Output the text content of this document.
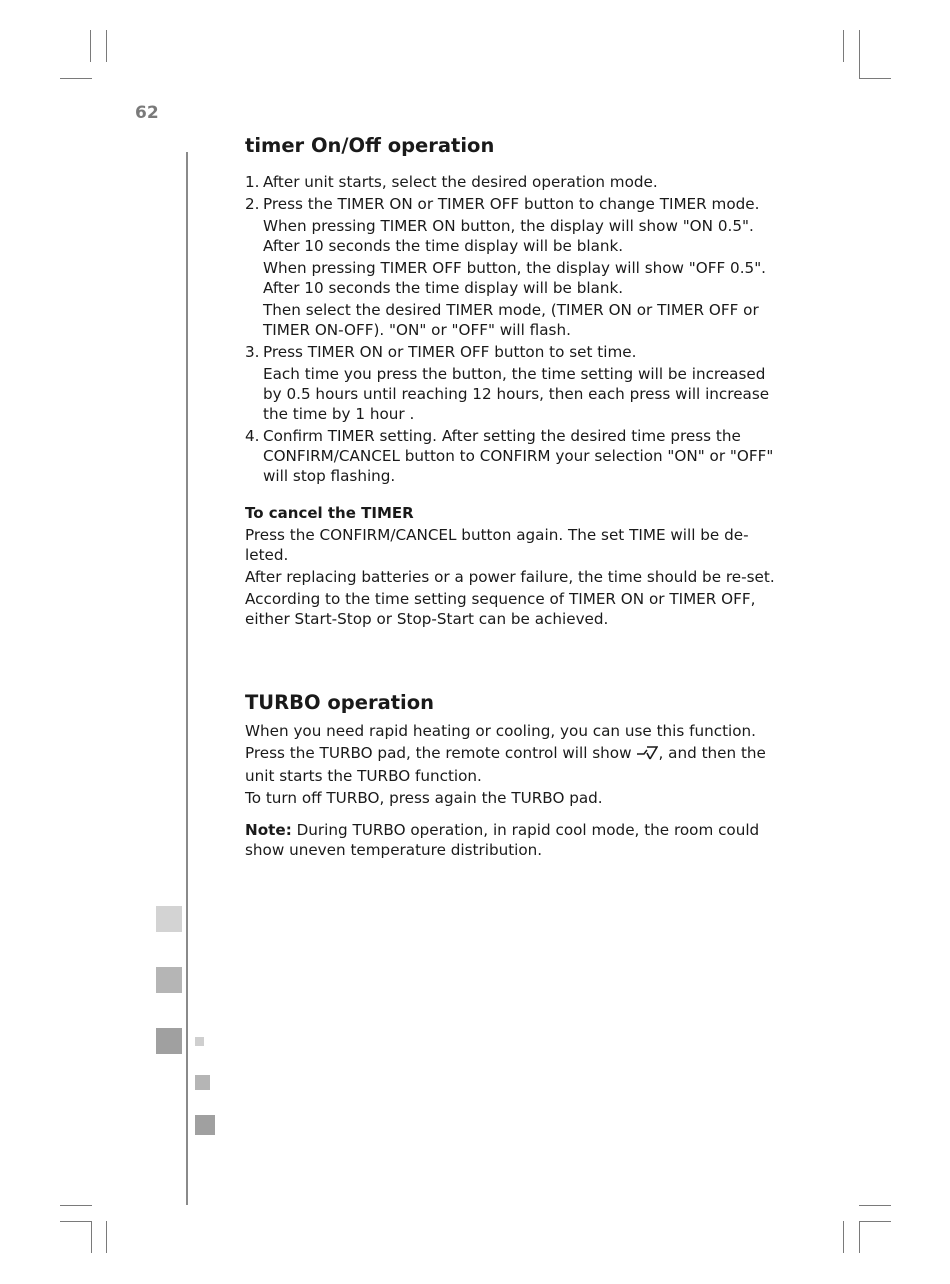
62
timer On/Off operation
1. After unit starts, select the desired operation mode.

2. Press the TIMER ON or TIMER OFF button to change TIMER mode.

When pressing TIMER ON button, the display will show "ON 0.5". After 10 seconds the time display will be blank.

When pressing TIMER OFF button, the display will show "OFF 0.5". After 10 seconds the time display will be blank.

Then select the desired TIMER mode, (TIMER ON or TIMER OFF or TIMER ON-OFF). "ON" or "OFF" will flash.

3. Press TIMER ON or TIMER OFF button to set time.

Each time you press the button, the time setting will be increased by 0.5 hours until reaching 12 hours, then each press will increase the time by 1 hour .

4. Confirm TIMER setting. After setting the desired time press the CONFIRM/CANCEL button to CONFIRM your selection "ON" or "OFF" will stop flashing.

To cancel the TIMER

Press the CONFIRM/CANCEL button again. The set TIME will be de-leted.

After replacing batteries or a power failure, the time should be re-set.

According to the time setting sequence of TIMER ON or TIMER OFF, either Start-Stop or Stop-Start can be achieved.

TURBO operation

When you need rapid heating or cooling, you can use this function.

Press the TURBO pad, the remote control will show , and then the unit starts the TURBO function.

To turn off TURBO, press again the TURBO pad.

Note: During TURBO operation, in rapid cool mode, the room could show uneven temperature distribution.
